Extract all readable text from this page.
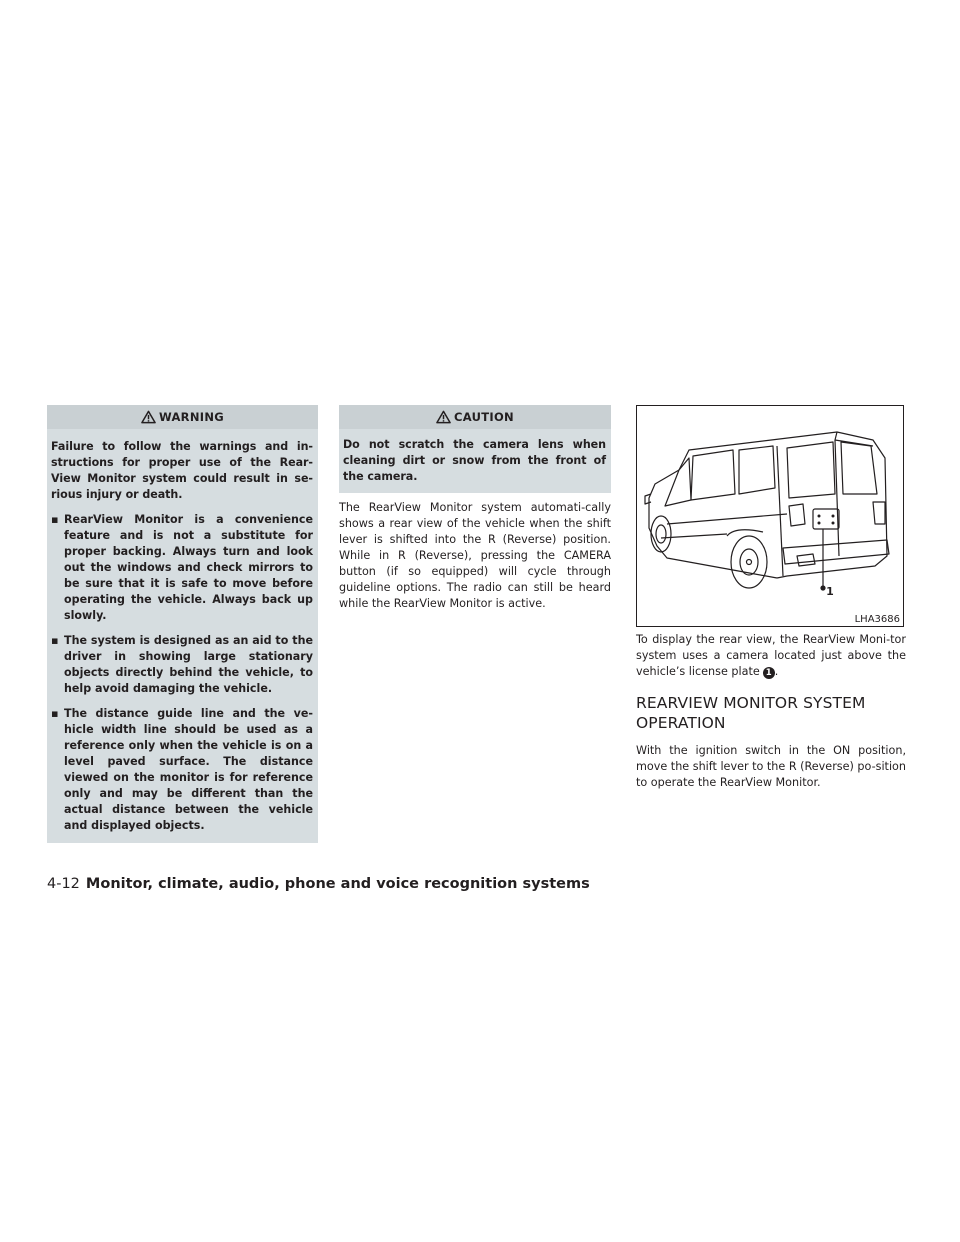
WARNING

Failure to follow the warnings and in-structions for proper use of the Rear-View Monitor system could result in se-rious injury or death.

▪ RearView Monitor is a convenience feature and is not a substitute for proper backing. Always turn and look out the windows and check mirrors to be sure that it is safe to move before operating the vehicle. Always back up slowly.
▪ The system is designed as an aid to the driver in showing large stationary objects directly behind the vehicle, to help avoid damaging the vehicle.
▪ The distance guide line and the ve-hicle width line should be used as a reference only when the vehicle is on a level paved surface. The distance viewed on the monitor is for reference only and may be different than the actual distance between the vehicle and displayed objects.
CAUTION

Do not scratch the camera lens when cleaning dirt or snow from the front of the camera.

The RearView Monitor system automati-cally shows a rear view of the vehicle when the shift lever is shifted into the R (Reverse) position. While in R (Reverse), pressing the CAMERA button (if so equipped) will cycle through guideline options. The radio can still be heard while the RearView Monitor is active.

1
LHA3686

To display the rear view, the RearView Moni-tor system uses a camera located just above the vehicle’s license plate 1 .

REARVIEW MONITOR SYSTEM OPERATION

With the ignition switch in the ON position, move the shift lever to the R (Reverse) po-sition to operate the RearView Monitor.

4-12 Monitor, climate, audio, phone and voice recognition systems
